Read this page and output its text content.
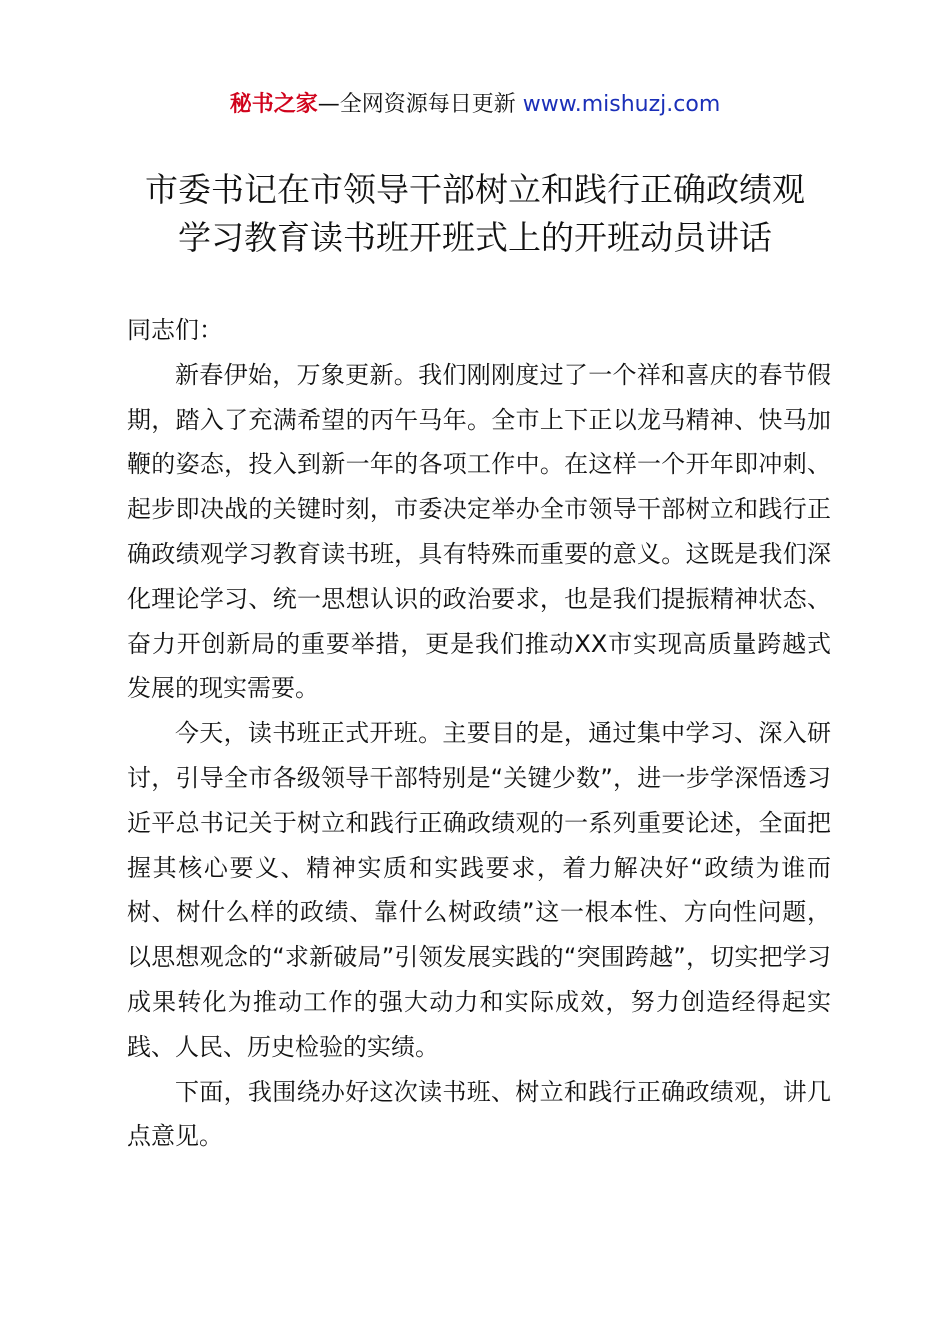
秘书之家—全网资源每日更新 www.mishuzj.com
市委书记在市领导干部树立和践行正确政绩观
学习教育读书班开班式上的开班动员讲话

同志们：

新春伊始，万象更新。我们刚刚度过了一个祥和喜庆的春节假期，踏入了充满希望的丙午马年。全市上下正以龙马精神、快马加鞭的姿态，投入到新一年的各项工作中。在这样一个开年即冲刺、起步即决战的关键时刻，市委决定举办全市领导干部树立和践行正确政绩观学习教育读书班，具有特殊而重要的意义。这既是我们深化理论学习、统一思想认识的政治要求，也是我们提振精神状态、奋力开创新局的重要举措，更是我们推动XX市实现高质量跨越式发展的现实需要。

今天，读书班正式开班。主要目的是，通过集中学习、深入研讨，引导全市各级领导干部特别是“关键少数”，进一步学深悟透习近平总书记关于树立和践行正确政绩观的一系列重要论述，全面把握其核心要义、精神实质和实践要求，着力解决好“政绩为谁而树、树什么样的政绩、靠什么树政绩”这一根本性、方向性问题，以思想观念的“求新破局”引领发展实践的“突围跨越”，切实把学习成果转化为推动工作的强大动力和实际成效，努力创造经得起实践、人民、历史检验的实绩。

下面，我围绕办好这次读书班、树立和践行正确政绩观，讲几点意见。
